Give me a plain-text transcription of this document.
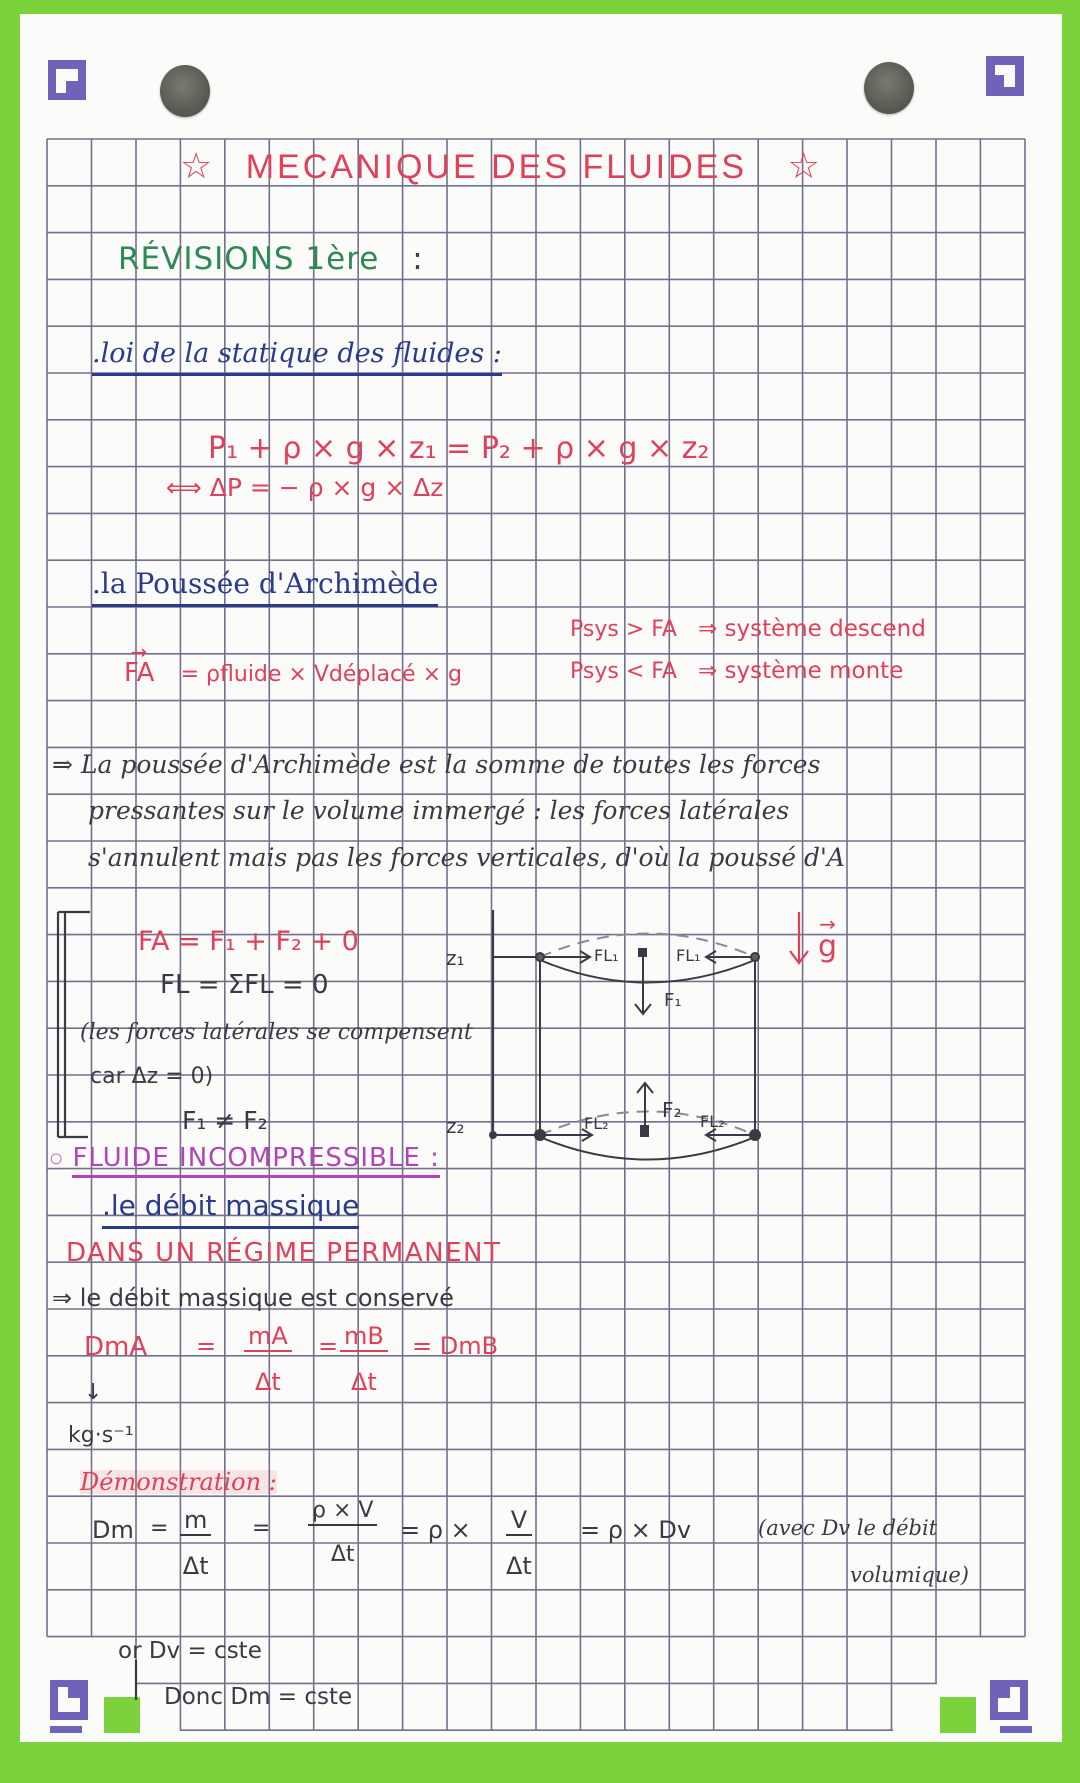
☆ MECANIQUE DES FLUIDES ☆
RÉVISIONS 1ère :
.loi de la statique des fluides :
P₁ + ρ × g × z₁ = P₂ + ρ × g × z₂
⟺ ΔP = − ρ × g × Δz
.la Poussée d'Archimède
→ FA = ρfluide × Vdéplacé × g
Psys > FA ⇒ système descend
Psys < FA ⇒ système monte
⇒ La poussée d'Archimède est la somme de toutes les forces
pressantes sur le volume immergé : les forces latérales
s'annulent mais pas les forces verticales, d'où la poussé d'A
FA = F₁ + F₂ + 0
FL = ΣFL = 0
(les forces latérales se compensent
car Δz = 0)
F₁ ≠ F₂
z₁
z₂
FL₁	FL₁
F₁
F₂
FL₂	FL₂
→ g
○ FLUIDE INCOMPRESSIBLE :
.le débit massique
DANS UN RÉGIME PERMANENT
⇒ le débit massique est conservé
DmA = $\frac{mA}{\Delta t} = \frac{mB}{\Delta t}$ = DmB
↓
kg·s⁻¹
Démonstration :
$Dm = \frac{m}{\Delta t} = \frac{\rho \times V}{\Delta t} = \rho \times \frac{V}{\Delta t} = \rho \times Dv$	(avec Dv le débit
volumique)
or Dv = cste
Donc Dm = cste
